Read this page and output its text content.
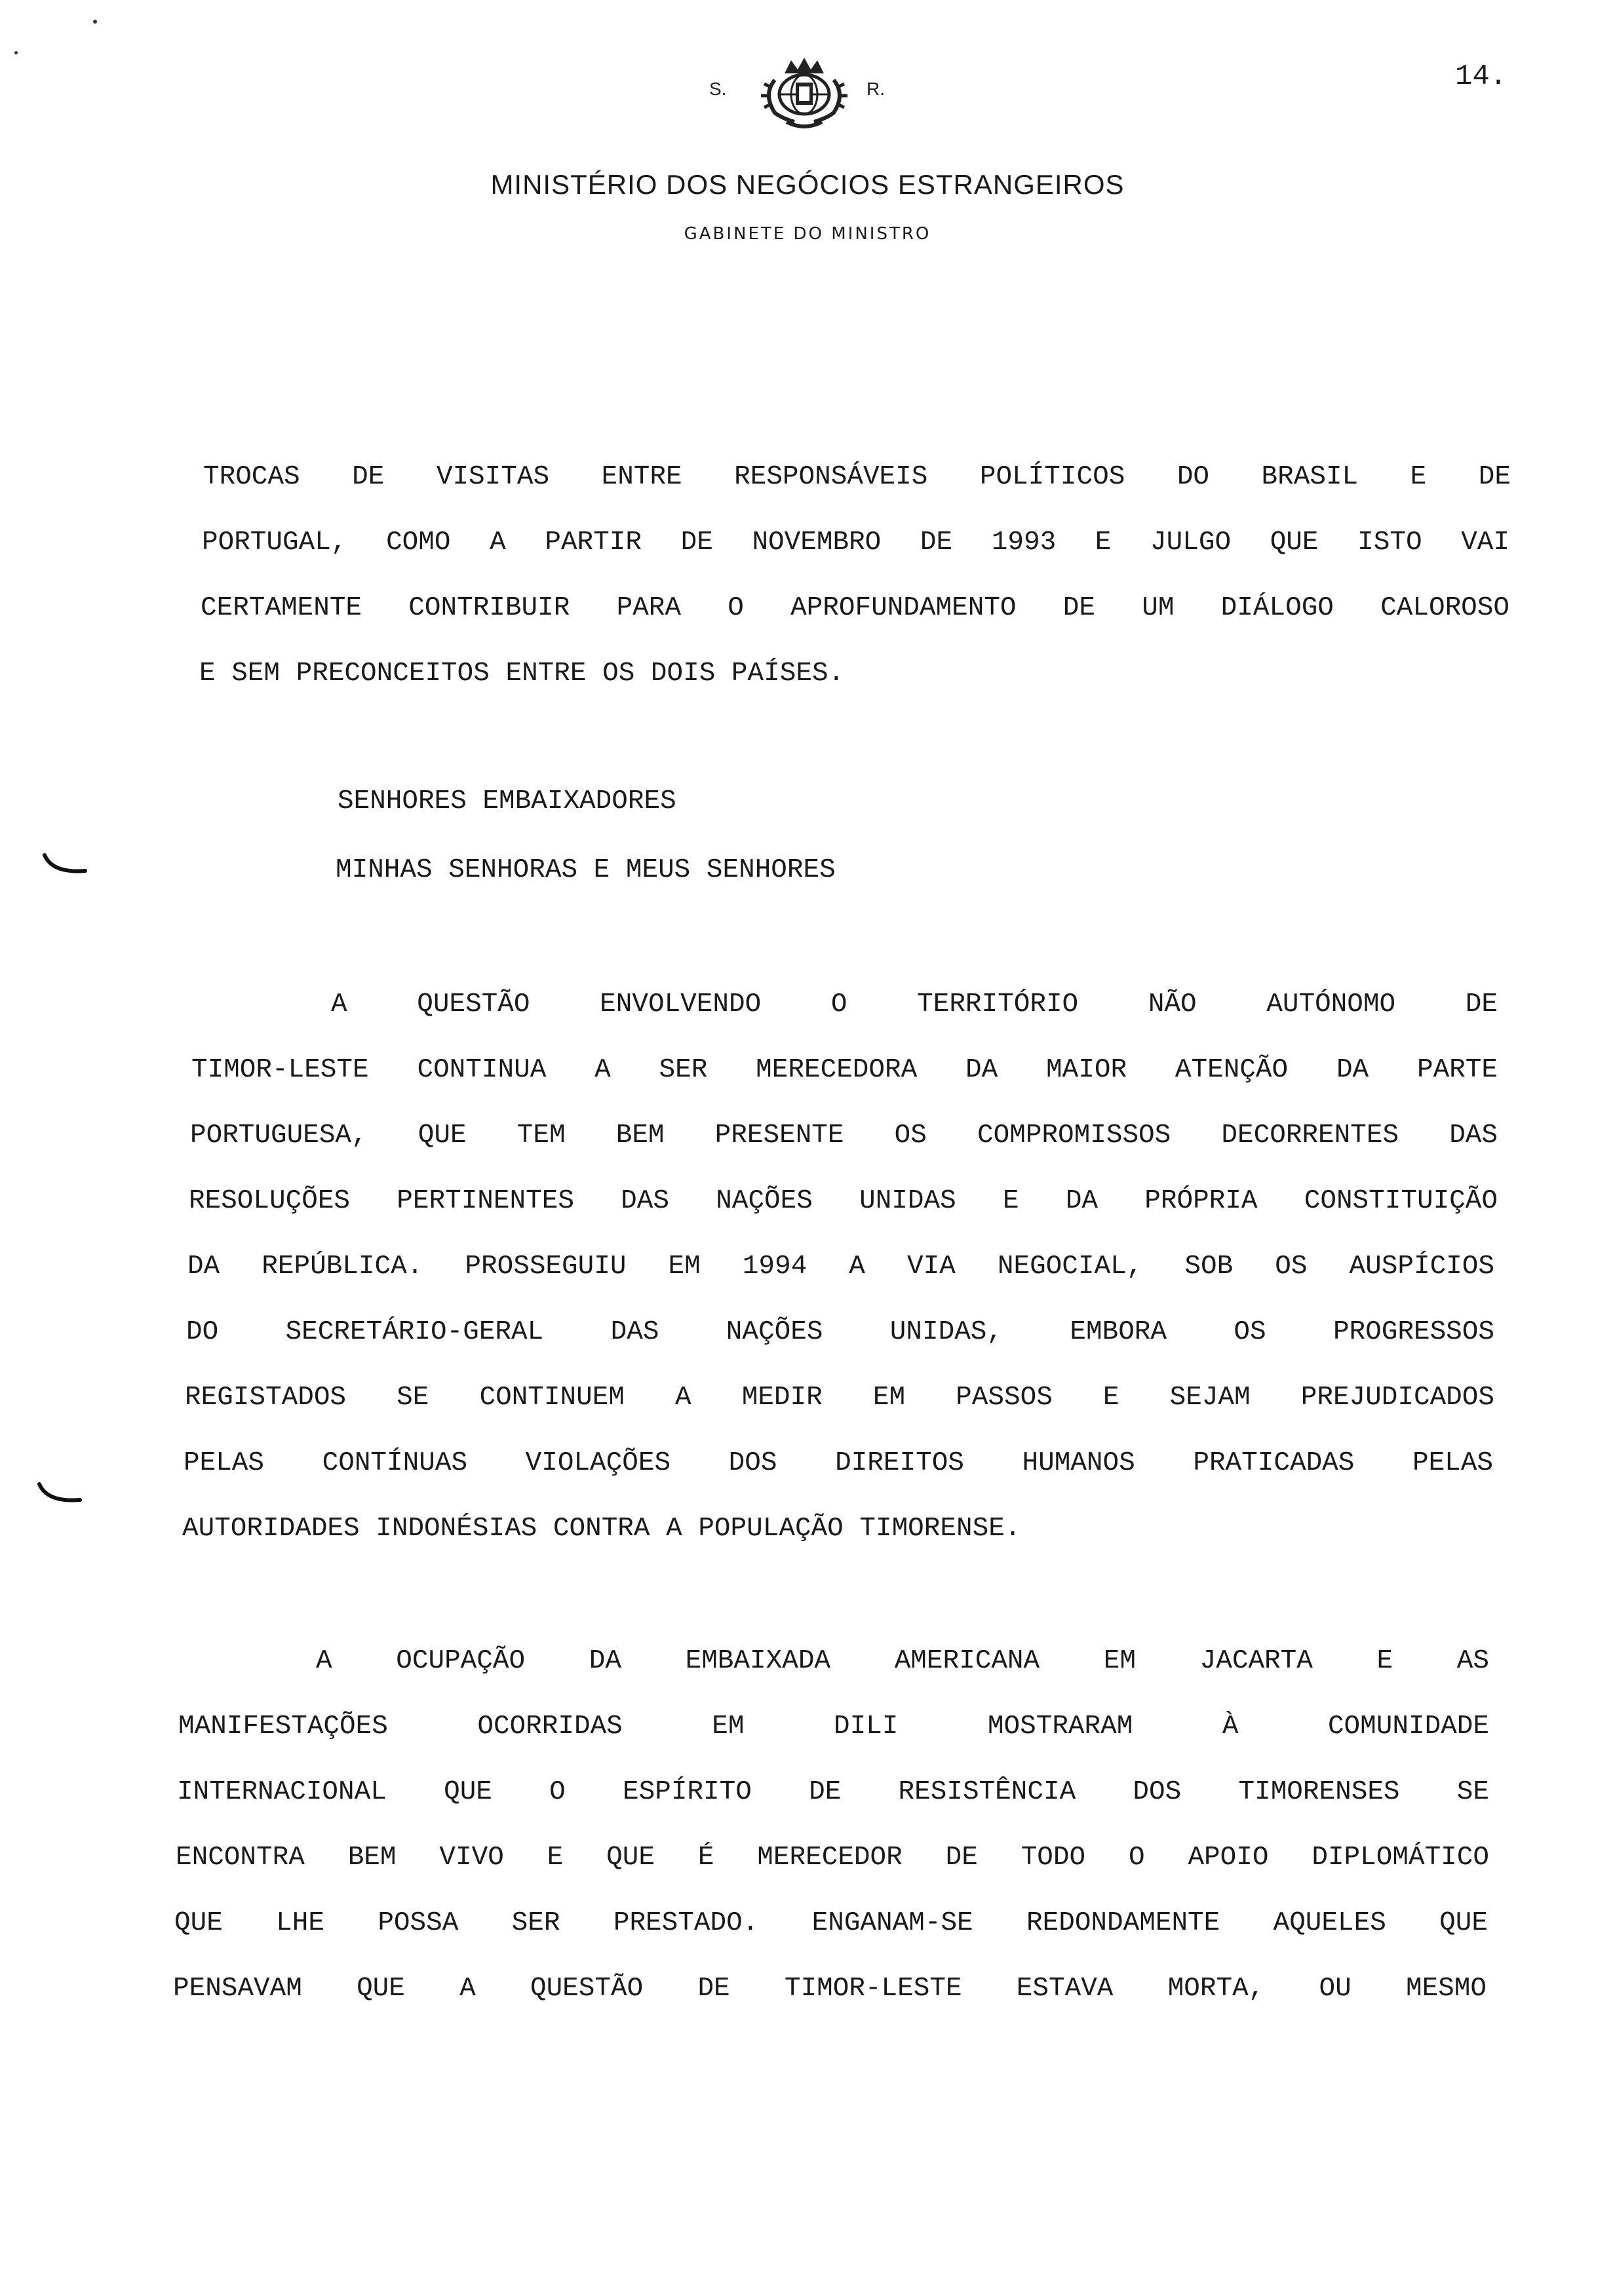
S.	R.	14.
MINISTÉRIO DOS NEGÓCIOS ESTRANGEIROS
GABINETE DO MINISTRO
TROCAS DE VISITAS ENTRE RESPONSÁVEIS POLÍTICOS DO BRASIL E DE
PORTUGAL, COMO A PARTIR DE NOVEMBRO DE 1993 E JULGO QUE ISTO VAI
CERTAMENTE CONTRIBUIR PARA O APROFUNDAMENTO DE UM DIÁLOGO CALOROSO
E SEM PRECONCEITOS ENTRE OS DOIS PAÍSES.
SENHORES EMBAIXADORES
MINHAS SENHORAS E MEUS SENHORES
A QUESTÃO ENVOLVENDO O TERRITÓRIO NÃO AUTÓNOMO DE
TIMOR-LESTE CONTINUA A SER MERECEDORA DA MAIOR ATENÇÃO DA PARTE
PORTUGUESA, QUE TEM BEM PRESENTE OS COMPROMISSOS DECORRENTES DAS
RESOLUÇÕES PERTINENTES DAS NAÇÕES UNIDAS E DA PRÓPRIA CONSTITUIÇÃO
DA REPÚBLICA. PROSSEGUIU EM 1994 A VIA NEGOCIAL, SOB OS AUSPÍCIOS
DO SECRETÁRIO-GERAL DAS NAÇÕES UNIDAS, EMBORA OS PROGRESSOS
REGISTADOS SE CONTINUEM A MEDIR EM PASSOS E SEJAM PREJUDICADOS
PELAS CONTÍNUAS VIOLAÇÕES DOS DIREITOS HUMANOS PRATICADAS PELAS
AUTORIDADES INDONÉSIAS CONTRA A POPULAÇÃO TIMORENSE.
A OCUPAÇÃO DA EMBAIXADA AMERICANA EM JACARTA E AS
MANIFESTAÇÕES OCORRIDAS EM DILI MOSTRARAM À COMUNIDADE
INTERNACIONAL QUE O ESPÍRITO DE RESISTÊNCIA DOS TIMORENSES SE
ENCONTRA BEM VIVO E QUE É MERECEDOR DE TODO O APOIO DIPLOMÁTICO
QUE LHE POSSA SER PRESTADO. ENGANAM-SE REDONDAMENTE AQUELES QUE
PENSAVAM QUE A QUESTÃO DE TIMOR-LESTE ESTAVA MORTA, OU MESMO
